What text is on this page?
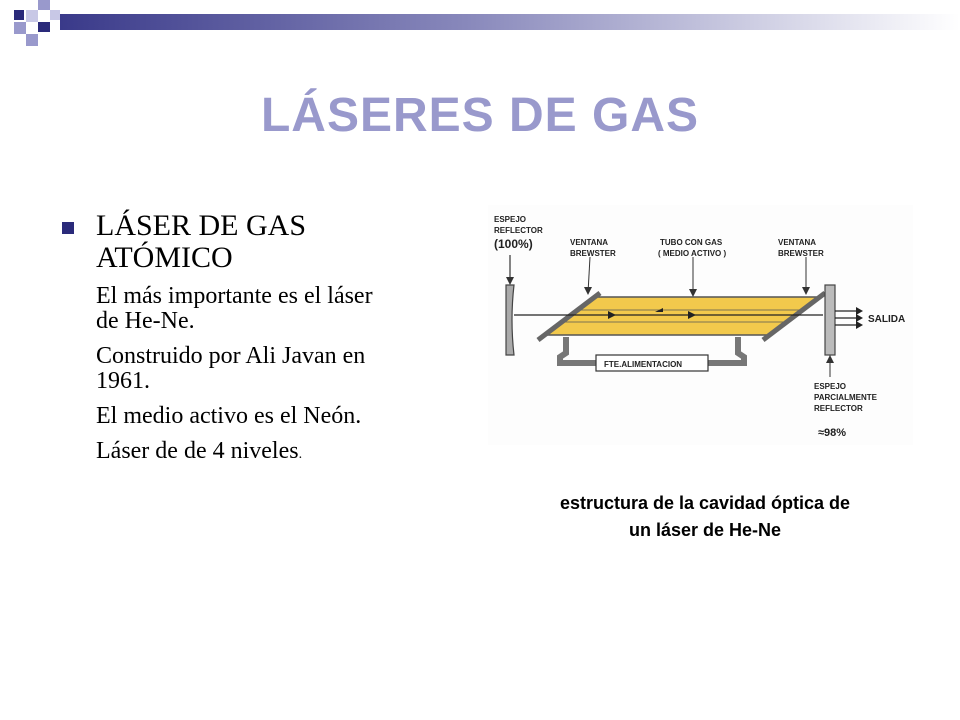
LÁSERES DE GAS
LÁSER DE GAS
ATÓMICO
El más importante es el láser
de He-Ne.
Construido por Ali Javan en
1961.
El medio activo es el Neón.
Láser de de 4 niveles.
ESPEJO
REFLECTOR
(100%)	VENTANA
BREWSTER
TUBO CON GAS
( MEDIO ACTIVO )
VENTANA
BREWSTER
SALIDA
FTE.ALIMENTACION
ESPEJO
PARCIALMENTE
REFLECTOR
≈98%
estructura de la cavidad óptica de
un láser de He-Ne
